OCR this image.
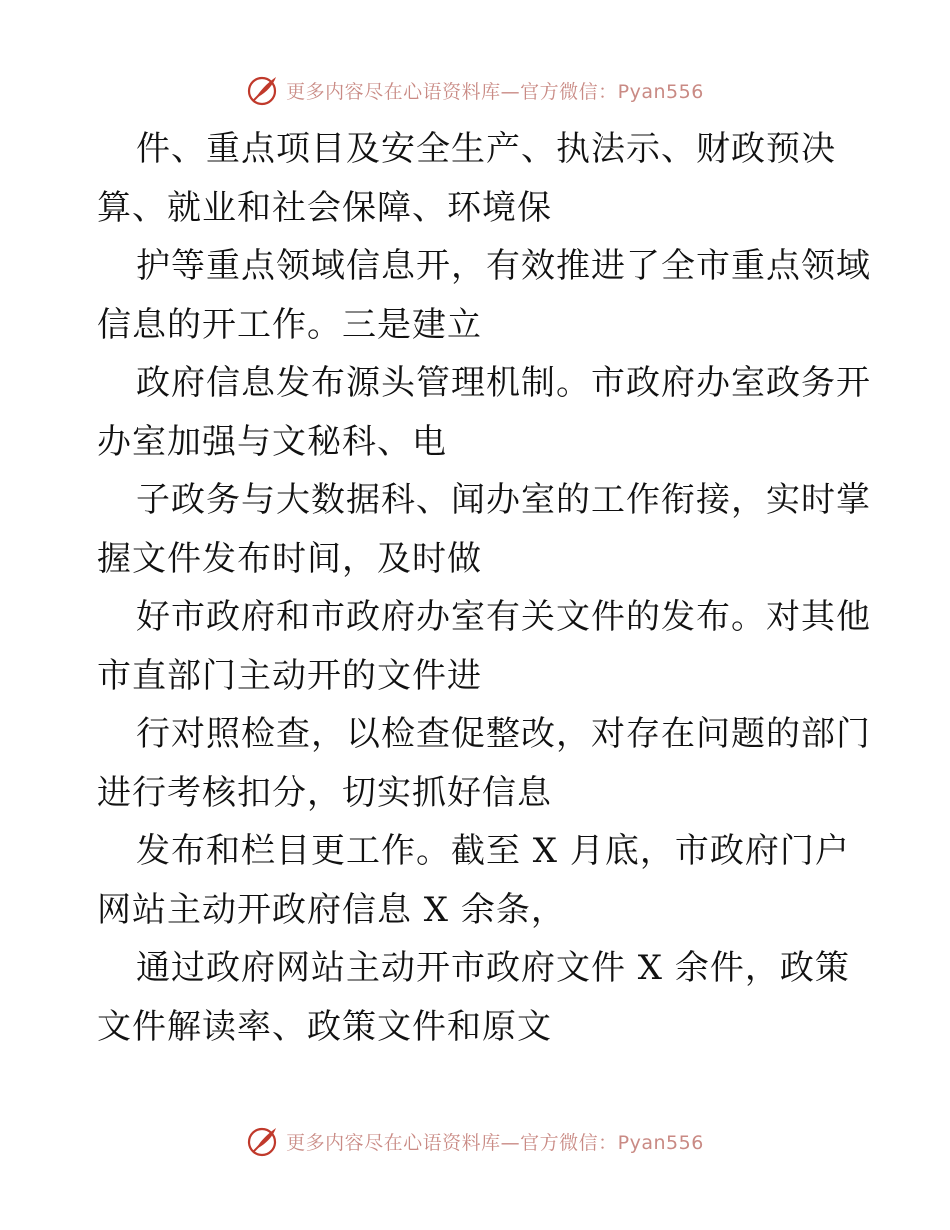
更多内容尽在心语资料库—官方微信：Pyan556
件、重点项目及安全生产、执法示、财政预决
算、就业和社会保障、环境保
护等重点领域信息开，有效推进了全市重点领域
信息的开工作。三是建立
政府信息发布源头管理机制。市政府办室政务开
办室加强与文秘科、电
子政务与大数据科、闻办室的工作衔接，实时掌
握文件发布时间，及时做
好市政府和市政府办室有关文件的发布。对其他
市直部门主动开的文件进
行对照检查，以检查促整改，对存在问题的部门
进行考核扣分，切实抓好信息
发布和栏目更工作。截至 X 月底，市政府门户
网站主动开政府信息 X 余条，
通过政府网站主动开市政府文件 X 余件，政策
文件解读率、政策文件和原文
更多内容尽在心语资料库—官方微信：Pyan556
